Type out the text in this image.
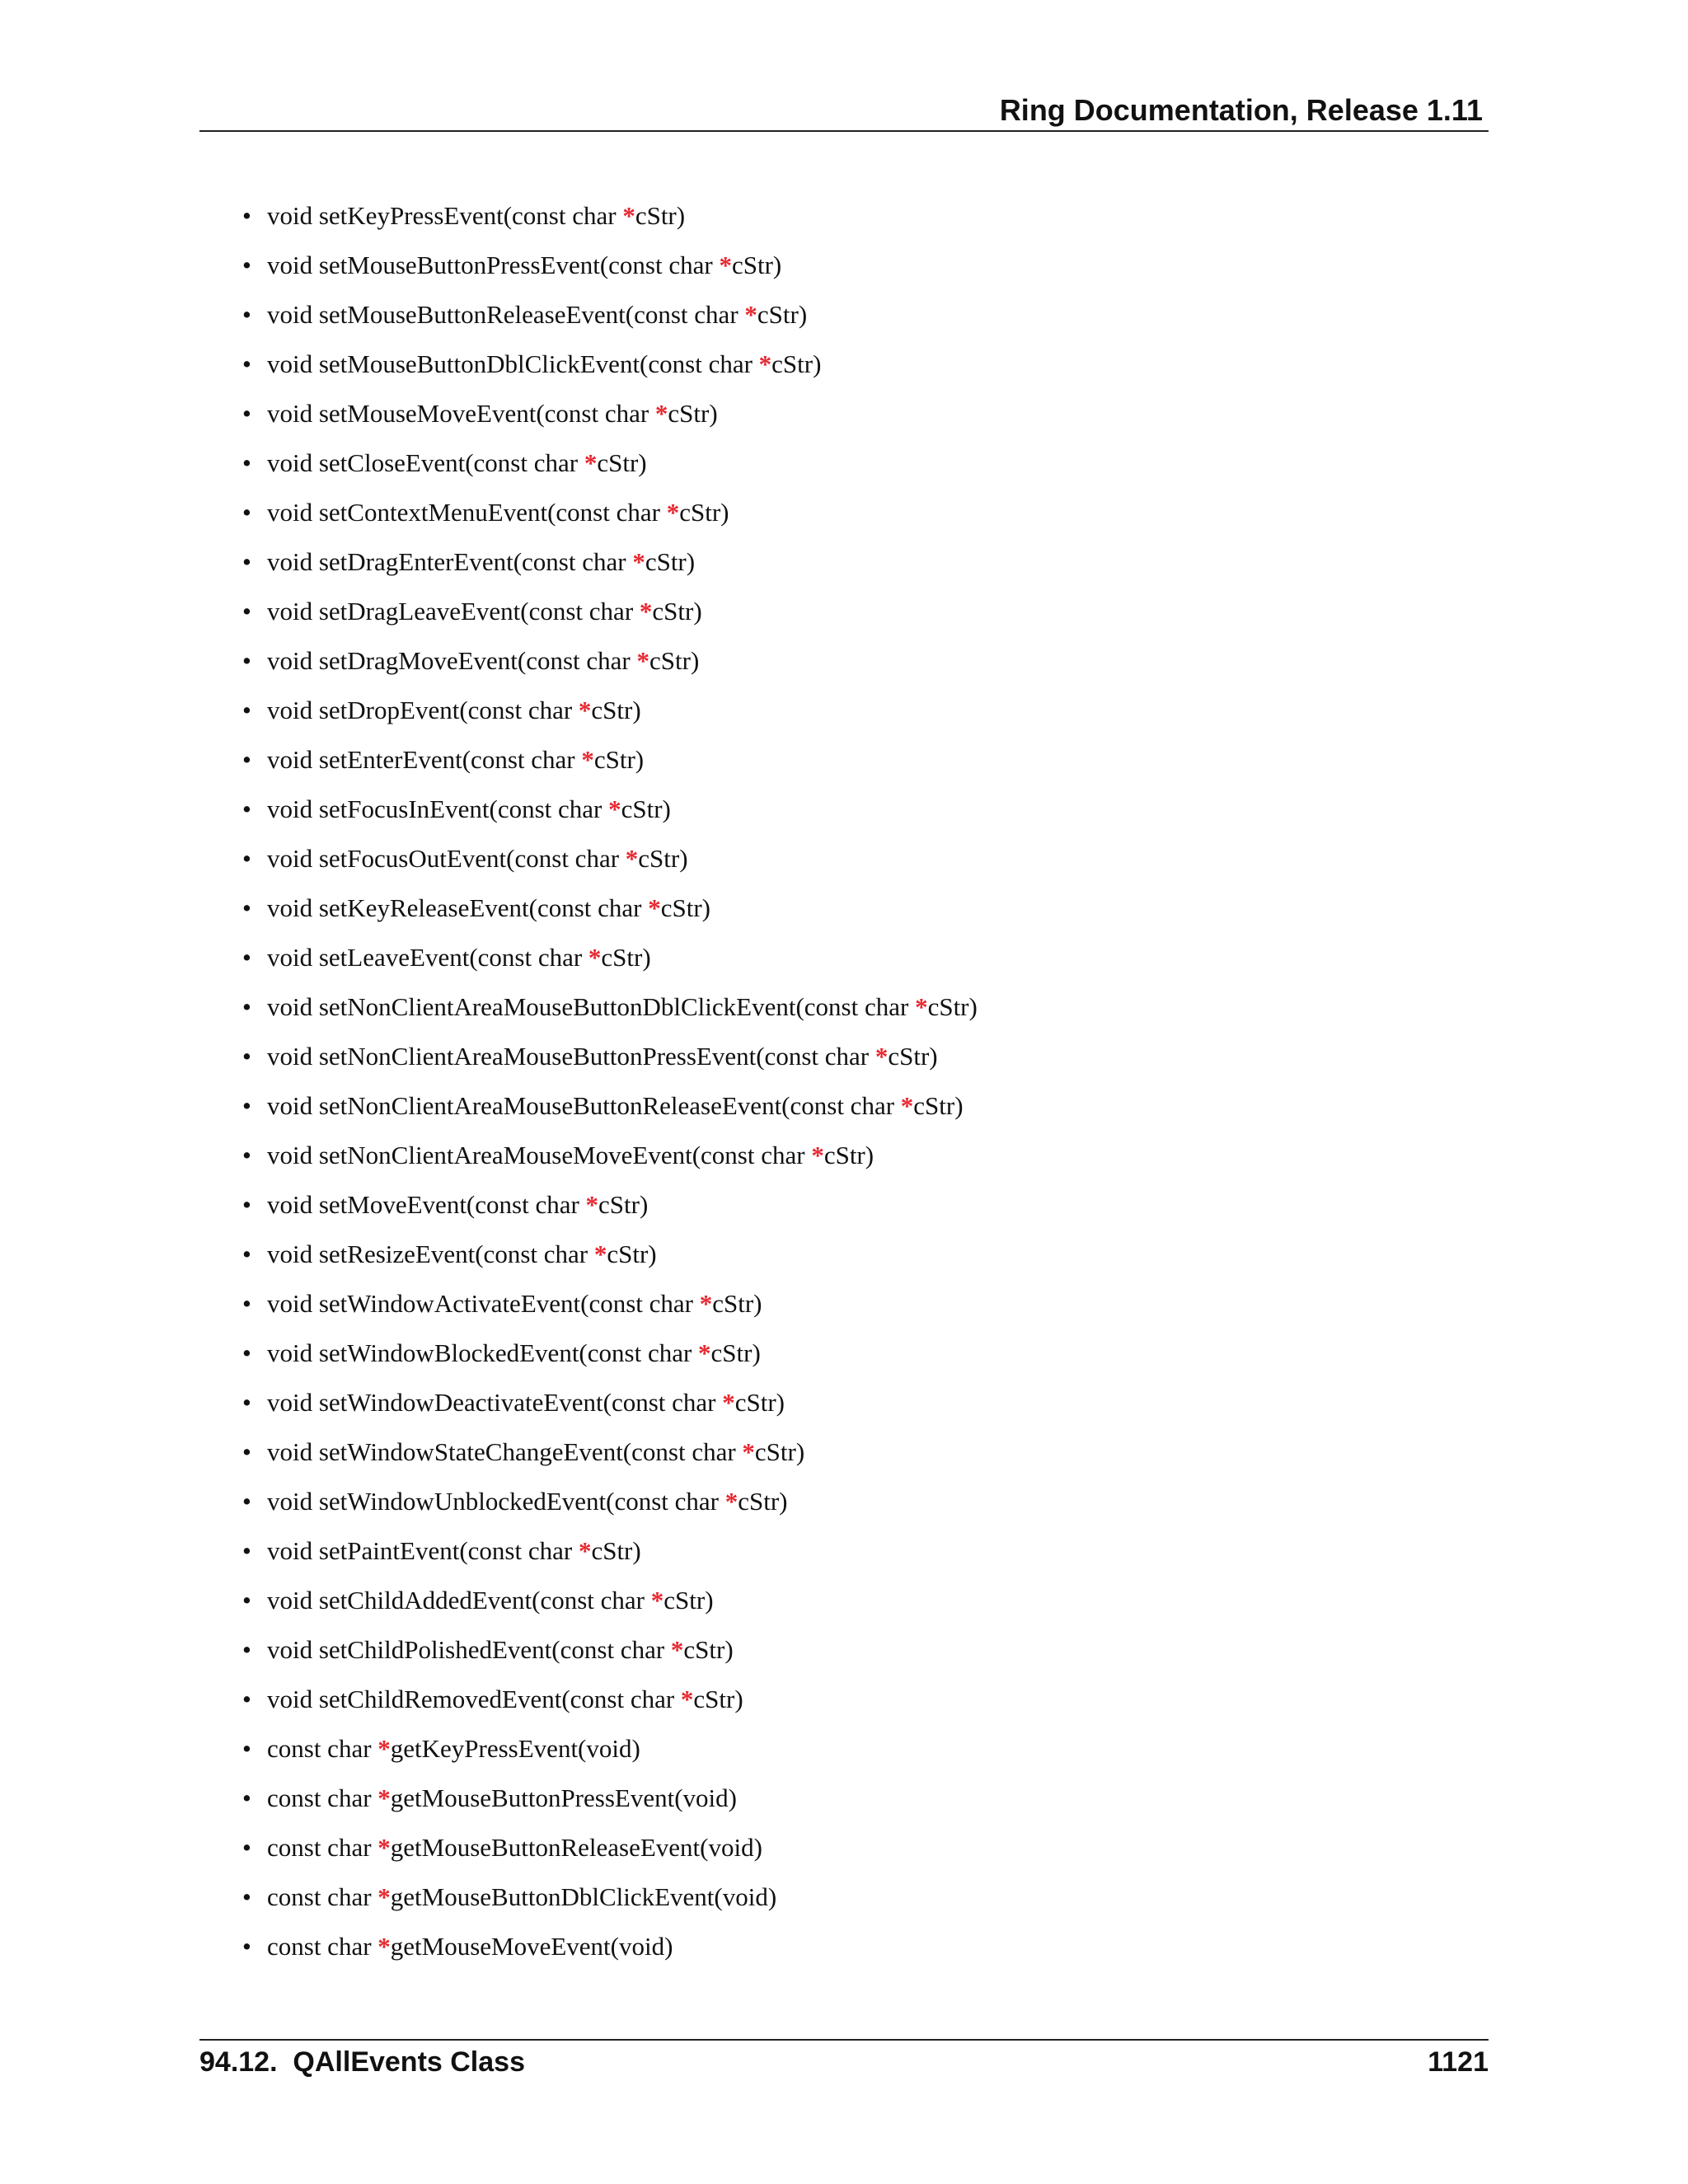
Ring Documentation, Release 1.11
• void setKeyPressEvent(const char *cStr)
• void setMouseButtonPressEvent(const char *cStr)
• void setMouseButtonReleaseEvent(const char *cStr)
• void setMouseButtonDblClickEvent(const char *cStr)
• void setMouseMoveEvent(const char *cStr)
• void setCloseEvent(const char *cStr)
• void setContextMenuEvent(const char *cStr)
• void setDragEnterEvent(const char *cStr)
• void setDragLeaveEvent(const char *cStr)
• void setDragMoveEvent(const char *cStr)
• void setDropEvent(const char *cStr)
• void setEnterEvent(const char *cStr)
• void setFocusInEvent(const char *cStr)
• void setFocusOutEvent(const char *cStr)
• void setKeyReleaseEvent(const char *cStr)
• void setLeaveEvent(const char *cStr)
• void setNonClientAreaMouseButtonDblClickEvent(const char *cStr)
• void setNonClientAreaMouseButtonPressEvent(const char *cStr)
• void setNonClientAreaMouseButtonReleaseEvent(const char *cStr)
• void setNonClientAreaMouseMoveEvent(const char *cStr)
• void setMoveEvent(const char *cStr)
• void setResizeEvent(const char *cStr)
• void setWindowActivateEvent(const char *cStr)
• void setWindowBlockedEvent(const char *cStr)
• void setWindowDeactivateEvent(const char *cStr)
• void setWindowStateChangeEvent(const char *cStr)
• void setWindowUnblockedEvent(const char *cStr)
• void setPaintEvent(const char *cStr)
• void setChildAddedEvent(const char *cStr)
• void setChildPolishedEvent(const char *cStr)
• void setChildRemovedEvent(const char *cStr)
• const char *getKeyPressEvent(void)
• const char *getMouseButtonPressEvent(void)
• const char *getMouseButtonReleaseEvent(void)
• const char *getMouseButtonDblClickEvent(void)
• const char *getMouseMoveEvent(void)
94.12.  QAllEvents Class	1121
